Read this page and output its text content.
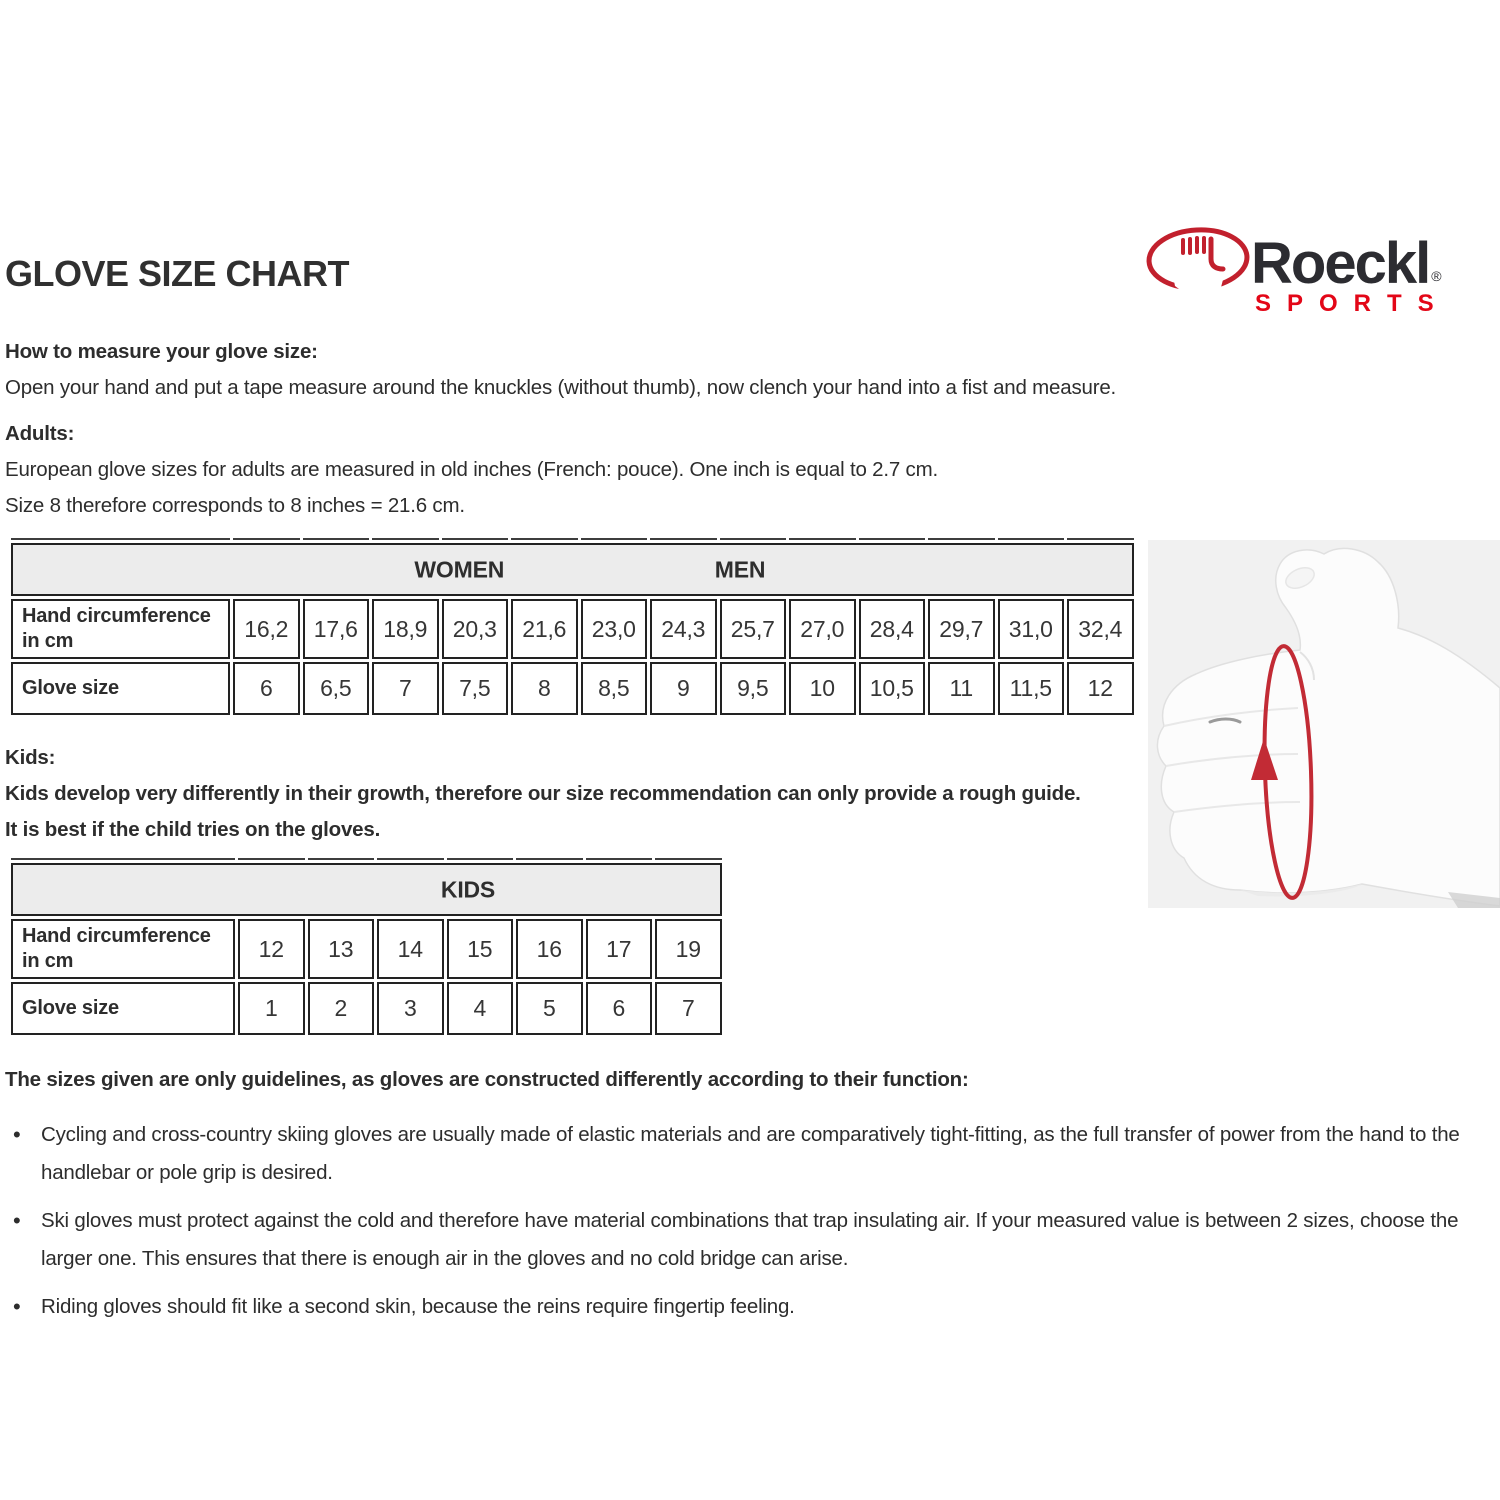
GLOVE SIZE CHART	Roeckl ®
SPORTS

How to measure your glove size:

Open your hand and put a tape measure around the knuckles (without thumb), now clench your hand into a fist and measure.

Adults:

European glove sizes for adults are measured in old inches (French: pouce). One inch is equal to 2.7 cm.

Size 8 therefore corresponds to 8 inches = 21.6 cm.

WOMEN MEN													

Hand circumference in cm	16,2	17,6	18,9	20,3	21,6	23,0	24,3	25,7	27,0	28,4	29,7	31,0	32,4
Glove size	6	6,5	7	7,5	8	8,5	9	9,5	10	10,5	11	11,5	12

Kids:

Kids develop very differently in their growth, therefore our size recommendation can only provide a rough guide. It is best if the child tries on the gloves.

KIDS							

Hand circumference in cm	12	13	14	15	16	17	19
Glove size	1	2	3	4	5	6	7
The sizes given are only guidelines, as gloves are constructed differently according to their function:
• Cycling and cross-country skiing gloves are usually made of elastic materials and are comparatively tight-fitting, as the full transfer of power from the hand to the handlebar or pole grip is desired.
• Ski gloves must protect against the cold and therefore have material combinations that trap insulating air. If your measured value is between 2 sizes, choose the larger one. This ensures that there is enough air in the gloves and no cold bridge can arise.
• Riding gloves should fit like a second skin, because the reins require fingertip feeling.
